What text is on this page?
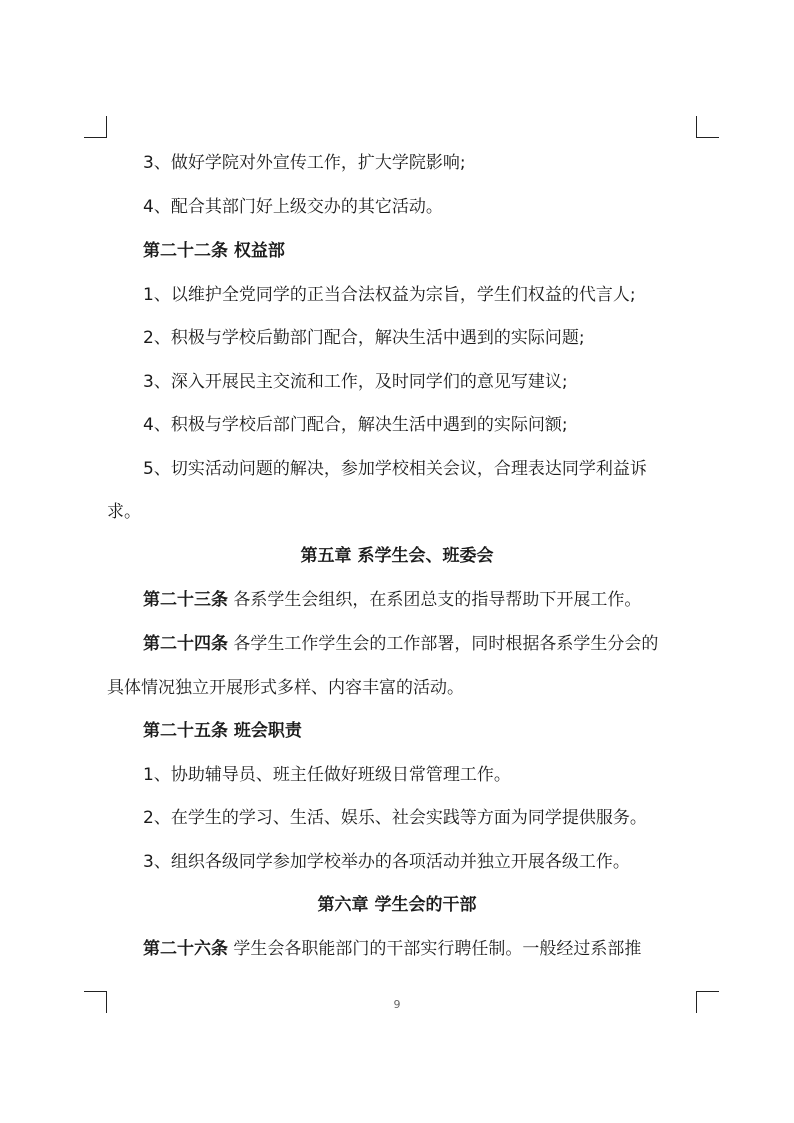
3、做好学院对外宣传工作，扩大学院影响;
4、配合其部门好上级交办的其它活动。
第二十二条 权益部
1、以维护全党同学的正当合法权益为宗旨，学生们权益的代言人;
2、积极与学校后勤部门配合，解决生活中遇到的实际问题;
3、深入开展民主交流和工作，及时同学们的意见写建议;
4、积极与学校后部门配合，解决生活中遇到的实际问额;
5、切实活动问题的解决，参加学校相关会议，合理表达同学利益诉
求。
第五章 系学生会、班委会
第二十三条 各系学生会组织，在系团总支的指导帮助下开展工作。
第二十四条 各学生工作学生会的工作部署，同时根据各系学生分会的
具体情况独立开展形式多样、内容丰富的活动。
第二十五条 班会职责
1、协助辅导员、班主任做好班级日常管理工作。
2、在学生的学习、生活、娱乐、社会实践等方面为同学提供服务。
3、组织各级同学参加学校举办的各项活动并独立开展各级工作。
第六章 学生会的干部
第二十六条 学生会各职能部门的干部实行聘任制。一般经过系部推
9
